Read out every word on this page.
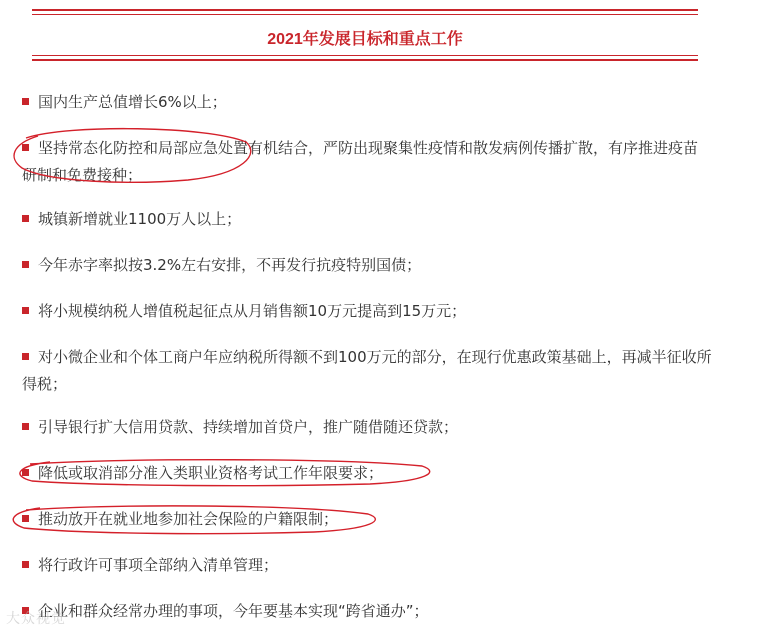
2021年发展目标和重点工作
国内生产总值增长6%以上；
坚持常态化防控和局部应急处置有机结合，严防出现聚集性疫情和散发病例传播扩散，有序推进疫苗研制和免费接种；
城镇新增就业1100万人以上；
今年赤字率拟按3.2%左右安排，不再发行抗疫特别国债；
将小规模纳税人增值税起征点从月销售额10万元提高到15万元；
对小微企业和个体工商户年应纳税所得额不到100万元的部分，在现行优惠政策基础上，再减半征收所得税；
引导银行扩大信用贷款、持续增加首贷户，推广随借随还贷款；
降低或取消部分准入类职业资格考试工作年限要求；
推动放开在就业地参加社会保险的户籍限制；
将行政许可事项全部纳入清单管理；
企业和群众经常办理的事项，今年要基本实现“跨省通办”；
大众视觉
